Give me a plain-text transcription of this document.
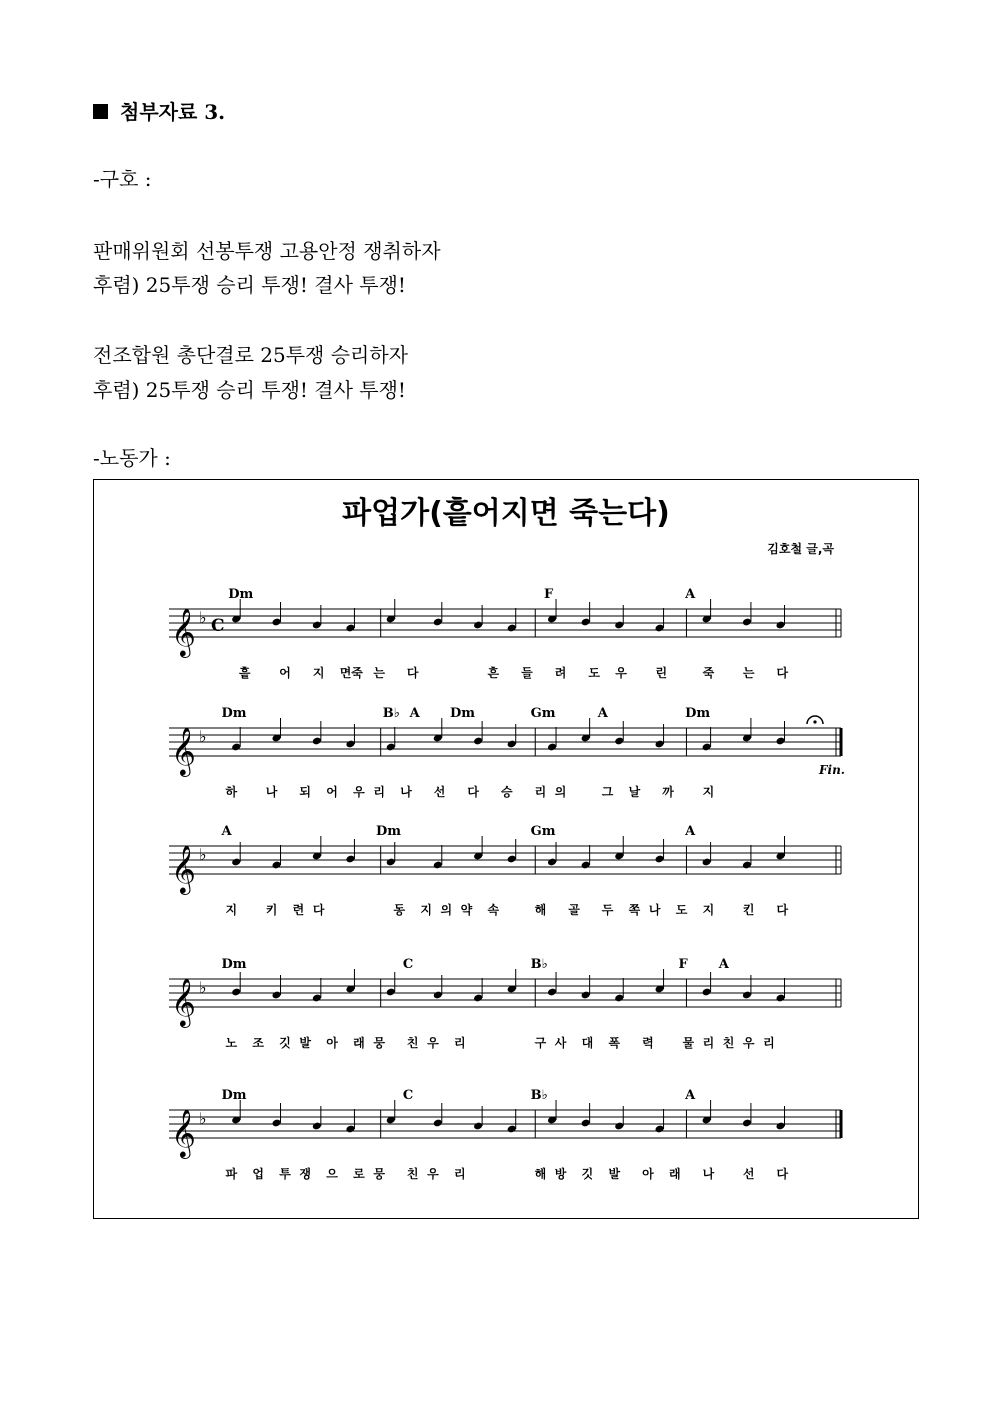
첨부자료 3.
-구호 :
판매위원회 선봉투쟁 고용안정 쟁취하자
후렴) 25투쟁 승리 투쟁! 결사 투쟁!
전조합원 총단결로 25투쟁 승리하자
후렴) 25투쟁 승리 투쟁! 결사 투쟁!
-노동가 :
파업가(흩어지면 죽는다)
김호철 글,곡
𝄞 ♭ C
Dm	F	A
흩 어 지 면죽 는 다	흔 들 려 도 우 린	죽 는 다
𝄞 ♭
Dm	B♭ A Dm	Gm	A	Dm
하 나 되 어 우 리 나 선 다 승 리 의	그 날 까 지
Fin.
𝄞 ♭
A	Dm	Gm	A
지 키 련 다	동 지 의 약 속	해 골 두 쪽 나 도 지 킨 다
𝄞 ♭
Dm	C	B♭	F A
노 조 깃 발 아 래 뭉 친 우 리	구 사 대 폭 력 물 리 친 우 리
𝄞 ♭
Dm	C	B♭	A
파 업 투 쟁 으 로 뭉 친 우 리	해 방 깃 발 아 래 나 선 다
